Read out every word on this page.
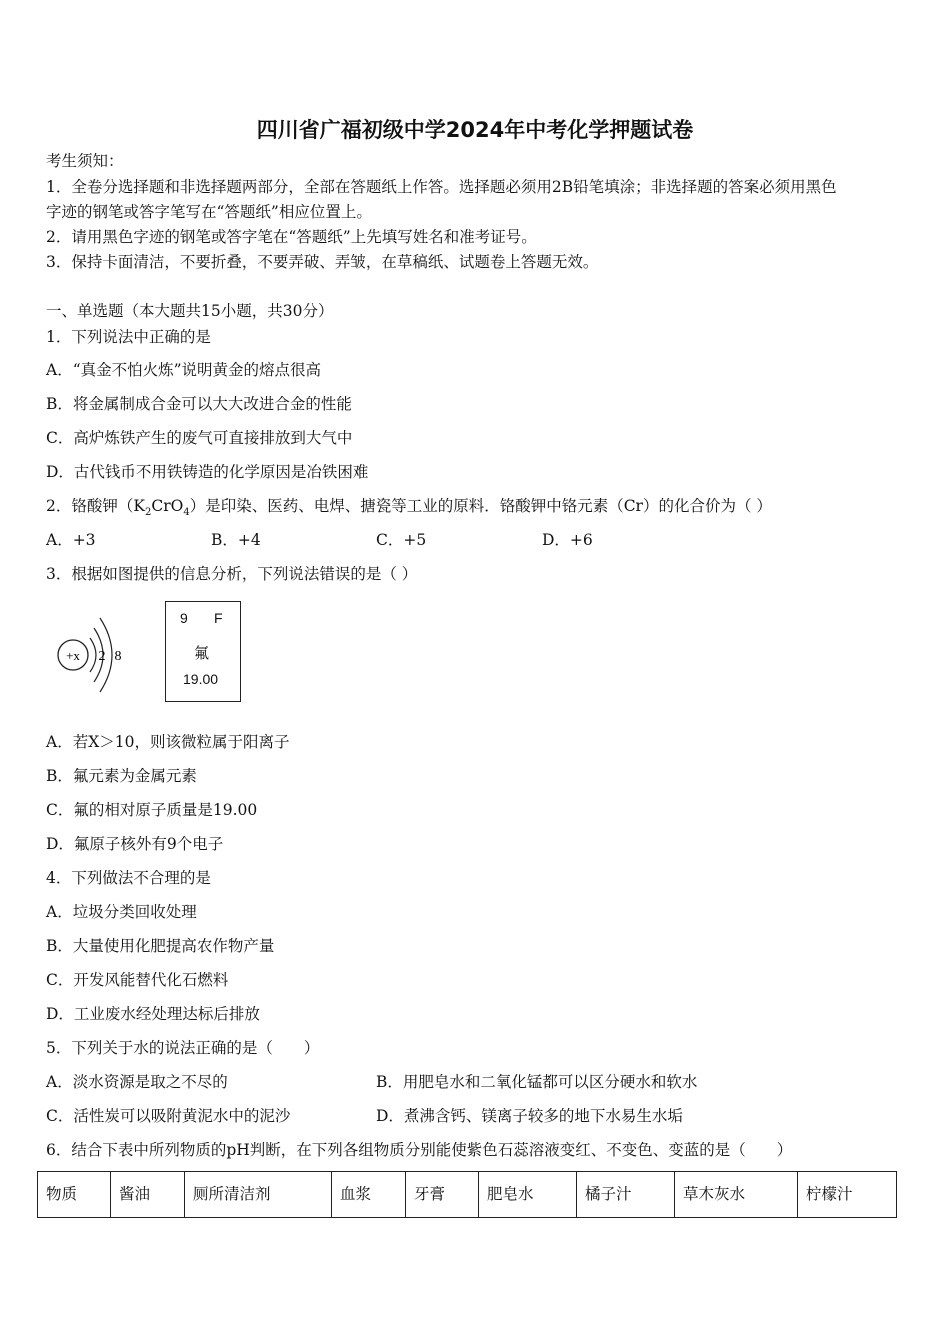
四川省广福初级中学2024年中考化学押题试卷
考生须知：
1．全卷分选择题和非选择题两部分，全部在答题纸上作答。选择题必须用2B铅笔填涂；非选择题的答案必须用黑色
字迹的钢笔或答字笔写在“答题纸”相应位置上。
2．请用黑色字迹的钢笔或答字笔在“答题纸”上先填写姓名和准考证号。
3．保持卡面清洁，不要折叠，不要弄破、弄皱，在草稿纸、试题卷上答题无效。
一、单选题（本大题共15小题，共30分）
1．下列说法中正确的是
A．“真金不怕火炼”说明黄金的熔点很高
B．将金属制成合金可以大大改进合金的性能
C．高炉炼铁产生的废气可直接排放到大气中
D．古代钱币不用铁铸造的化学原因是冶铁困难
2．铬酸钾$(K_2CrO_4)$是印染、医药、电焊、搪瓷等工业的原料．铬酸钾中铬元素（Cr）的化合价为（ ）
A．+3	B．+4	C．+5	D．+6
3．根据如图提供的信息分析，下列说法错误的是（ ）
+x 2 8
9 F
氟
19.00
A．若X＞10，则该微粒属于阳离子
B．氟元素为金属元素
C．氟的相对原子质量是19.00
D．氟原子核外有9个电子
4．下列做法不合理的是
A．垃圾分类回收处理
B．大量使用化肥提高农作物产量
C．开发风能替代化石燃料
D．工业废水经处理达标后排放
5．下列关于水的说法正确的是（　　）
A．淡水资源是取之不尽的	B．用肥皂水和二氧化锰都可以区分硬水和软水
C．活性炭可以吸附黄泥水中的泥沙	D．煮沸含钙、镁离子较多的地下水易生水垢
6．结合下表中所列物质的pH判断，在下列各组物质分别能使紫色石蕊溶液变红、不变色、变蓝的是（　　）
物质	酱油	厕所清洁剂	血浆	牙膏	肥皂水	橘子汁	草木灰水	柠檬汁
